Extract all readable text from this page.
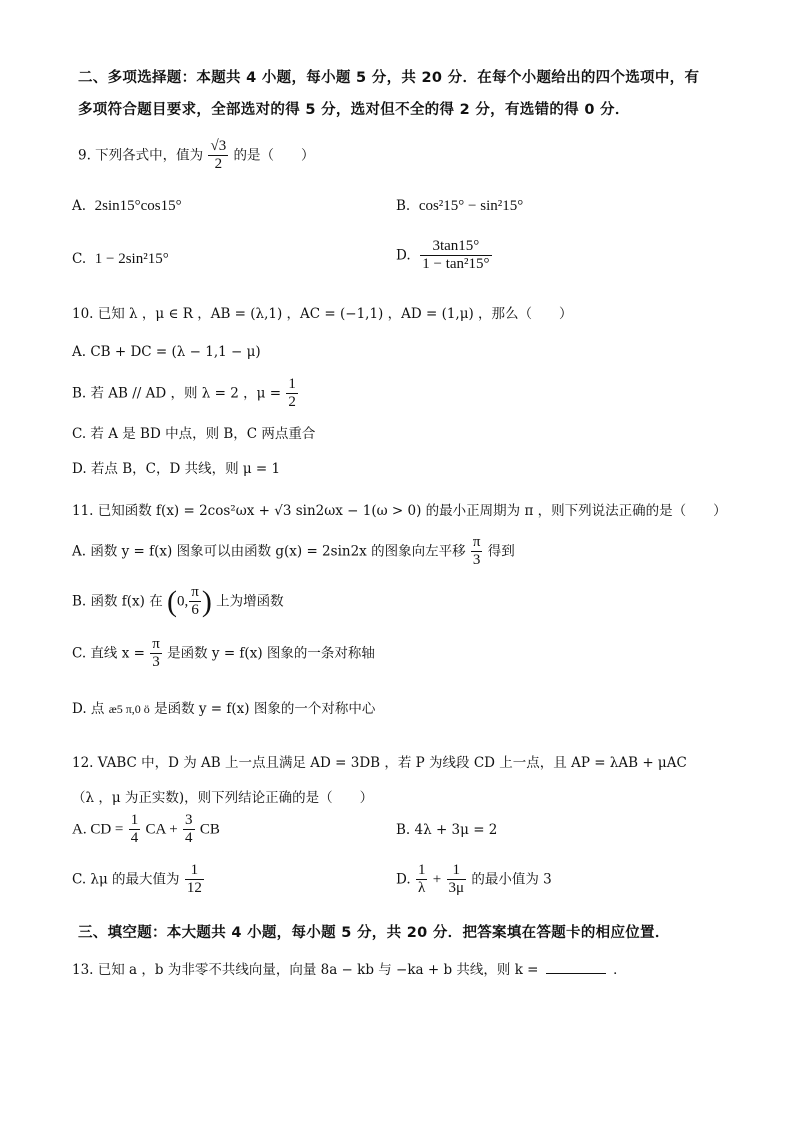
二、多项选择题：本题共 4 小题，每小题 5 分，共 20 分．在每个小题给出的四个选项中，有
多项符合题目要求，全部选对的得 5 分，选对但不全的得 2 分，有选错的得 0 分．
9. 下列各式中，值为 $\frac{√3}{2}$ 的是（　　）
A. 2sin15°cos15°	B. cos²15° − sin²15°
C. 1 − 2sin²15°	D. $\frac{3\tan 15^\circ}{\text{1 − tan²15°}}$
10. 已知 λ ，μ ∈ R ，AB = (λ,1) ，AC = (−1,1) ，AD = (1,μ) ，那么（　　）
A. CB + DC = (λ − 1,1 − μ)
B. 若 AB // AD ，则 λ = 2 ，$\mu = \frac{1}{2}$
C. 若 A 是 BD 中点，则 B，C 两点重合
D. 若点 B，C，D 共线，则 μ = 1
11. 已知函数 f(x) = 2cos²ωx + √3 sin2ωx − 1(ω > 0) 的最小正周期为 π ，则下列说法正确的是（　　）
A. 函数 y = f(x) 图象可以由函数 g(x) = 2sin2x 的图象向左平移 $\frac{\pi}{3}$ 得到
B. 函数 f(x) 在 (0, $\frac{\pi}{6}$ ) 上为增函数
C. 直线 $x = \frac{\pi}{3}$ 是函数 y = f(x) 图象的一条对称轴
D. 点 æ5 π,0 ö 是函数 y = f(x) 图象的一个对称中心
12. VABC 中，D 为 AB 上一点且满足 AD = 3DB ，若 P 为线段 CD 上一点，且 AP = λAB + μAC
（λ ，μ 为正实数)，则下列结论正确的是（　　）
A. CD = $\frac{1}{4}$ CA + $\frac{3}{4}$ CB	B. 4λ + 3μ = 2
C. λμ 的最大值为 $\frac{1}{12}$	D. $\frac{1}{\lambda} + \frac{1}{3\mu}$ 的最小值为 3
三、填空题：本大题共 4 小题，每小题 5 分，共 20 分．把答案填在答题卡的相应位置．
13. 已知 a ，b 为非零不共线向量，向量 8a − kb 与 −ka + b 共线，则 k =	．
